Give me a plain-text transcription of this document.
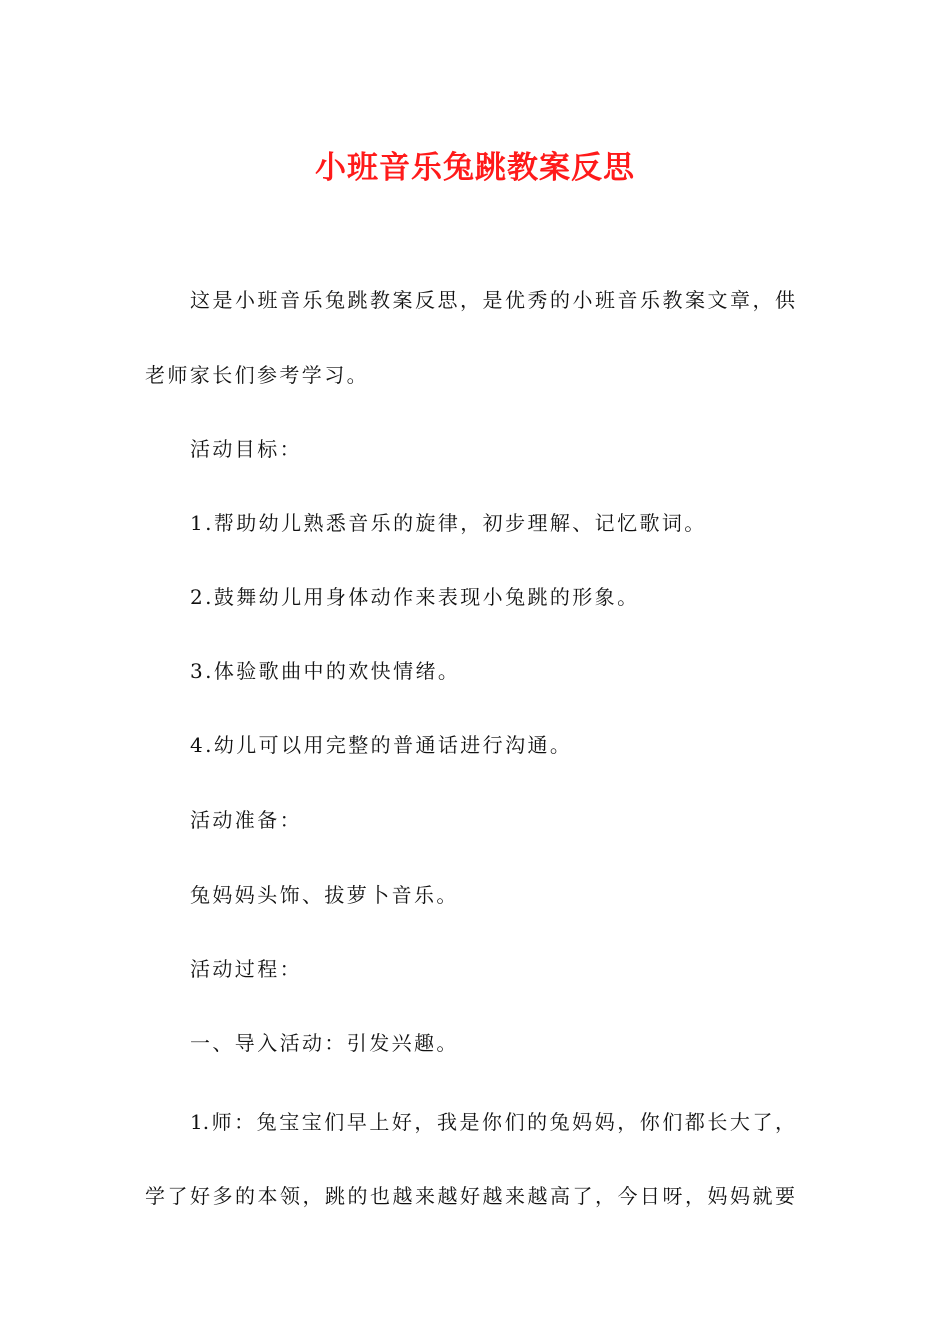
小班音乐兔跳教案反思

这是小班音乐兔跳教案反思，是优秀的小班音乐教案文章，供

老师家长们参考学习。

活动目标：

1.帮助幼儿熟悉音乐的旋律，初步理解、记忆歌词。

2.鼓舞幼儿用身体动作来表现小兔跳的形象。

3.体验歌曲中的欢快情绪。

4.幼儿可以用完整的普通话进行沟通。

活动准备：

兔妈妈头饰、拔萝卜音乐。

活动过程：

一、导入活动：引发兴趣。

1.师：兔宝宝们早上好，我是你们的兔妈妈，你们都长大了，

学了好多的本领，跳的也越来越好越来越高了，今日呀，妈妈就要
